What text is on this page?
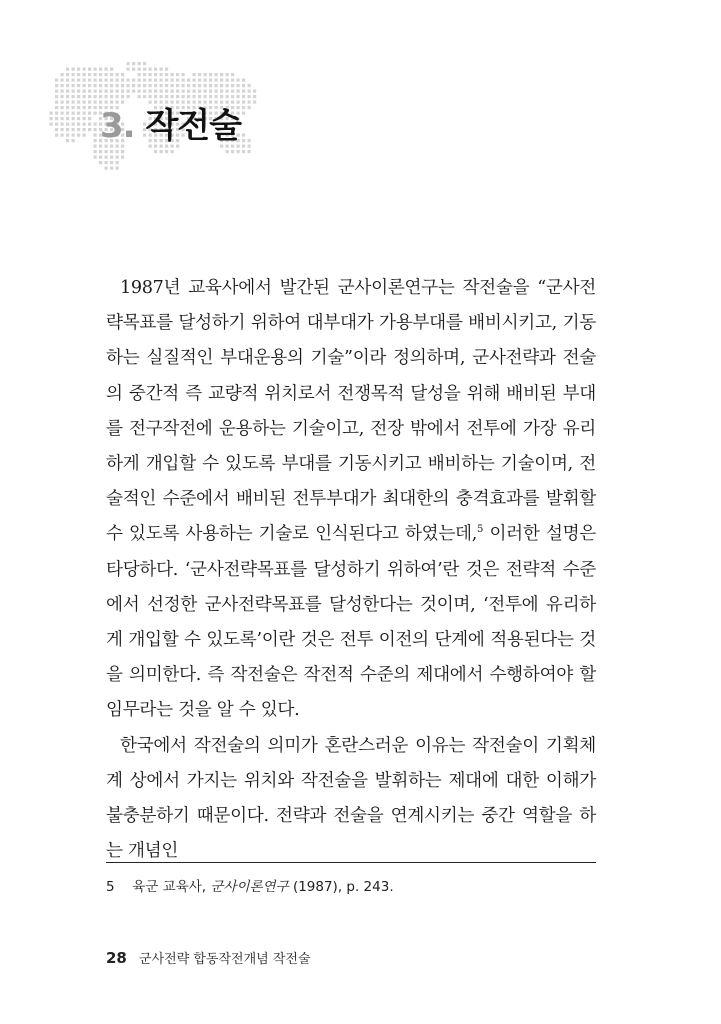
3. 작전술

1987년 교육사에서 발간된 군사이론연구는 작전술을 “군사전략목표를 달성하기 위하여 대부대가 가용부대를 배비시키고, 기동하는 실질적인 부대운용의 기술”이라 정의하며, 군사전략과 전술의 중간적 즉 교량적 위치로서 전쟁목적 달성을 위해 배비된 부대를 전구작전에 운용하는 기술이고, 전장 밖에서 전투에 가장 유리하게 개입할 수 있도록 부대를 기동시키고 배비하는 기술이며, 전술적인 수준에서 배비된 전투부대가 최대한의 충격효과를 발휘할 수 있도록 사용하는 기술로 인식된다고 하였는데,$^5$ 이러한 설명은 타당하다. ‘군사전략목표를 달성하기 위하여’란 것은 전략적 수준에서 선정한 군사전략목표를 달성한다는 것이며, ‘전투에 유리하게 개입할 수 있도록’이란 것은 전투 이전의 단계에 적용된다는 것을 의미한다. 즉 작전술은 작전적 수준의 제대에서 수행하여야 할 임무라는 것을 알 수 있다.

한국에서 작전술의 의미가 혼란스러운 이유는 작전술이 기획체계 상에서 가지는 위치와 작전술을 발휘하는 제대에 대한 이해가 불충분하기 때문이다. 전략과 전술을 연계시키는 중간 역할을 하는 개념인

5 육군 교육사, 군사이론연구 (1987), p. 243.
28 군사전략 합동작전개념 작전술
